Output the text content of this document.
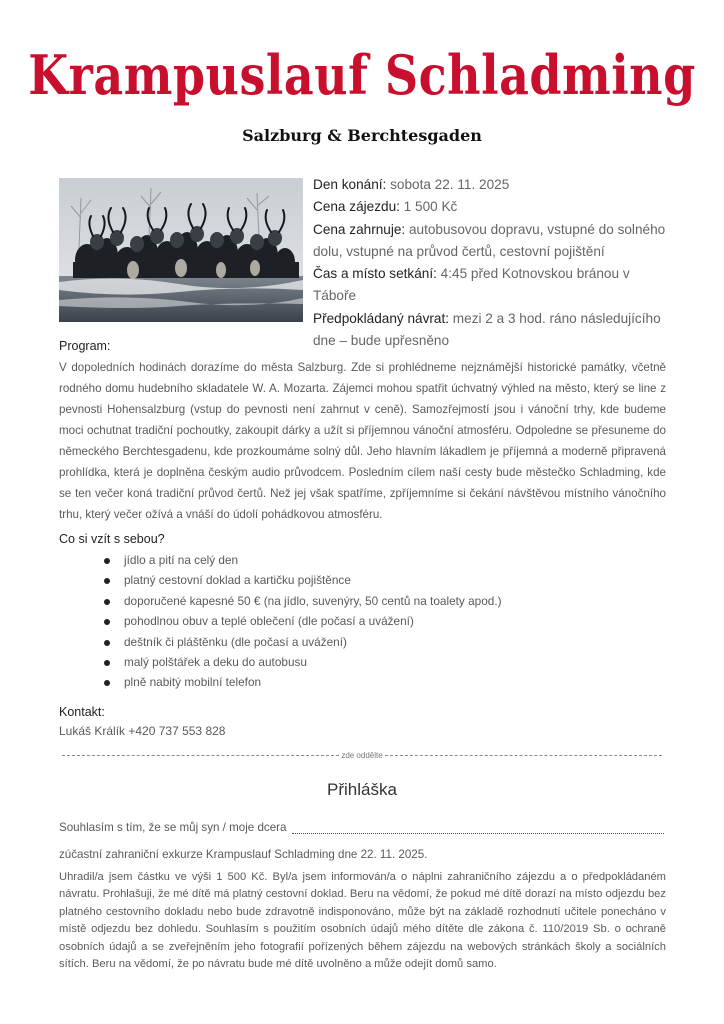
Krampuslauf Schladming
Salzburg & Berchtesgaden

Den konání: sobota 22. 11. 2025

Cena zájezdu: 1 500 Kč

Cena zahrnuje: autobusovou dopravu, vstupné do solného dolu, vstupné na průvod čertů, cestovní pojištění

Čas a místo setkání: 4:45 před Kotnovskou bránou v Táboře

Předpokládaný návrat: mezi 2 a 3 hod. ráno následujícího dne – bude upřesněno

Program:

V dopoledních hodinách dorazíme do města Salzburg. Zde si prohlédneme nejznámější historické památky, včetně rodného domu hudebního skladatele W. A. Mozarta. Zájemci mohou spatřit úchvatný výhled na město, který se line z pevnosti Hohensalzburg (vstup do pevnosti není zahrnut v ceně). Samozřejmostí jsou i vánoční trhy, kde budeme moci ochutnat tradiční pochoutky, zakoupit dárky a užít si příjemnou vánoční atmosféru. Odpoledne se přesuneme do německého Berchtesgadenu, kde prozkoumáme solný důl. Jeho hlavním lákadlem je příjemná a moderně připravená prohlídka, která je doplněna českým audio průvodcem. Posledním cílem naší cesty bude městečko Schladming, kde se ten večer koná tradiční průvod čertů. Než jej však spatříme, zpříjemníme si čekání návštěvou místního vánočního trhu, který večer ožívá a vnáší do údolí pohádkovou atmosféru.

Co si vzít s sebou?
jídlo a pití na celý den
platný cestovní doklad a kartičku pojištěnce
doporučené kapesné 50 € (na jídlo, suvenýry, 50 centů na toalety apod.)
pohodlnou obuv a teplé oblečení (dle počasí a uvážení)
deštník či pláštěnku (dle počasí a uvážení)
malý polštářek a deku do autobusu
plně nabitý mobilní telefon
Kontakt:
Lukáš Králík +420 737 553 828
zde oddělte
Přihláška
Souhlasím s tím, že se můj syn / moje dcera
zúčastní zahraniční exkurze Krampuslauf Schladming dne 22. 11. 2025.

Uhradil/a jsem částku ve výši 1 500 Kč. Byl/a jsem informován/a o náplni zahraničního zájezdu a o předpokládaném návratu. Prohlašuji, že mé dítě má platný cestovní doklad. Beru na vědomí, že pokud mé dítě dorazí na místo odjezdu bez platného cestovního dokladu nebo bude zdravotně indisponováno, může být na základě rozhodnutí učitele ponecháno v místě odjezdu bez dohledu. Souhlasím s použitím osobních údajů mého dítěte dle zákona č. 110/2019 Sb. o ochraně osobních údajů a se zveřejněním jeho fotografií pořízených během zájezdu na webových stránkách školy a sociálních sítích. Beru na vědomí, že po návratu bude mé dítě uvolněno a může odejít domů samo.
